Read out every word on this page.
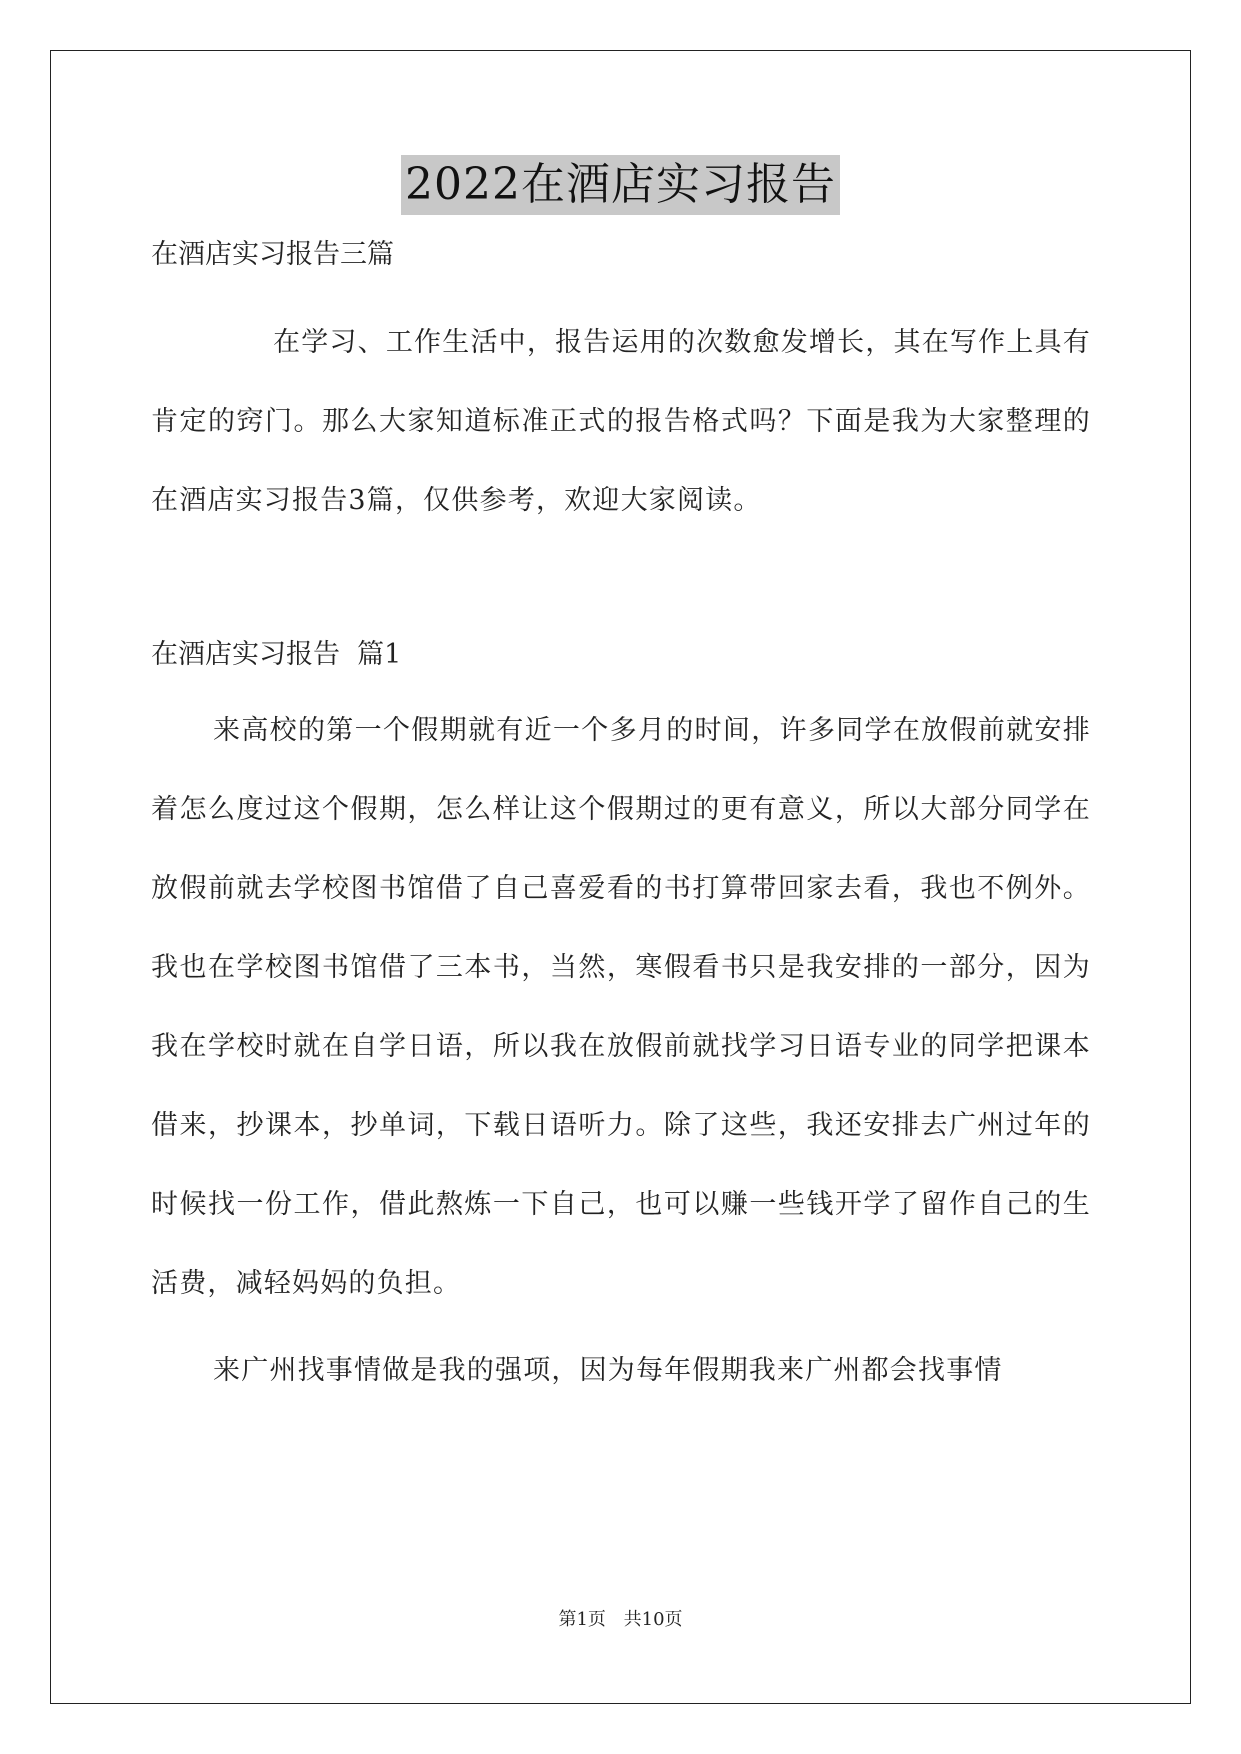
2022在酒店实习报告

在酒店实习报告三篇

在学习、工作生活中，报告运用的次数愈发增长，其在写作上具有肯定的窍门。那么大家知道标准正式的报告格式吗？下面是我为大家整理的在酒店实习报告3篇，仅供参考，欢迎大家阅读。

在酒店实习报告  篇1

来高校的第一个假期就有近一个多月的时间，许多同学在放假前就安排着怎么度过这个假期，怎么样让这个假期过的更有意义，所以大部分同学在放假前就去学校图书馆借了自己喜爱看的书打算带回家去看，我也不例外。我也在学校图书馆借了三本书，当然，寒假看书只是我安排的一部分，因为我在学校时就在自学日语，所以我在放假前就找学习日语专业的同学把课本借来，抄课本，抄单词，下载日语听力。除了这些，我还安排去广州过年的时候找一份工作，借此熬炼一下自己，也可以赚一些钱开学了留作自己的生活费，减轻妈妈的负担。

来广州找事情做是我的强项，因为每年假期我来广州都会找事情

第1页 共10页
